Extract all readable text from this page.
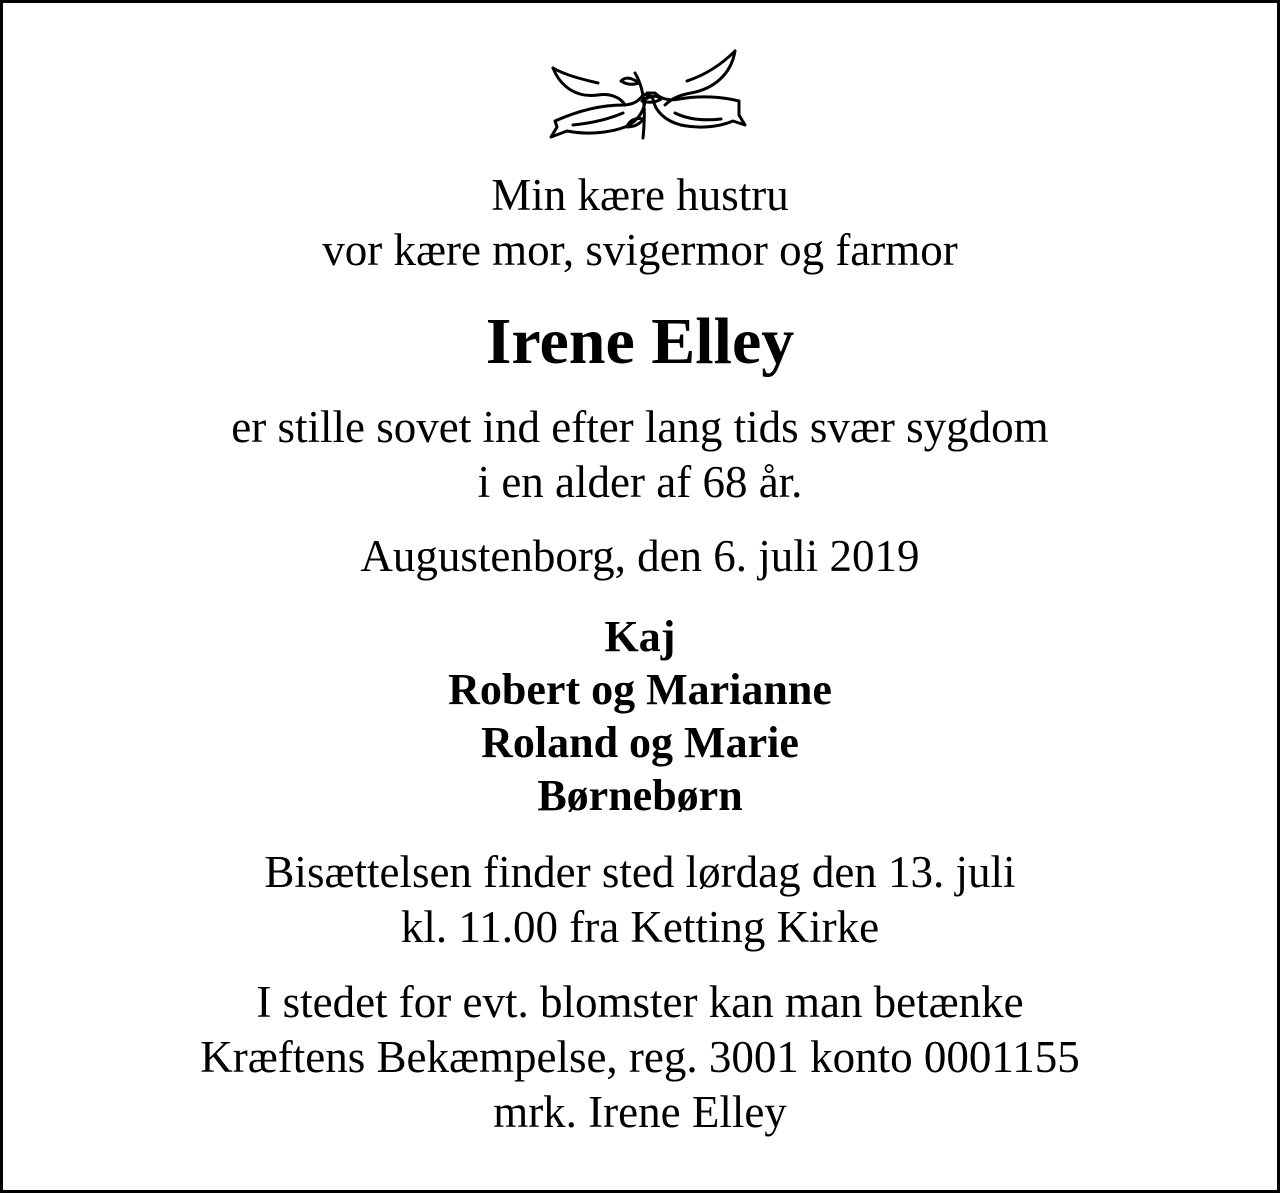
Min kære hustru
vor kære mor, svigermor og farmor
Irene Elley
er stille sovet ind efter lang tids svær sygdom
i en alder af 68 år.
Augustenborg, den 6. juli 2019
Kaj
Robert og Marianne
Roland og Marie
Børnebørn
Bisættelsen finder sted lørdag den 13. juli
kl. 11.00 fra Ketting Kirke
I stedet for evt. blomster kan man betænke
Kræftens Bekæmpelse, reg. 3001 konto 0001155
mrk. Irene Elley
